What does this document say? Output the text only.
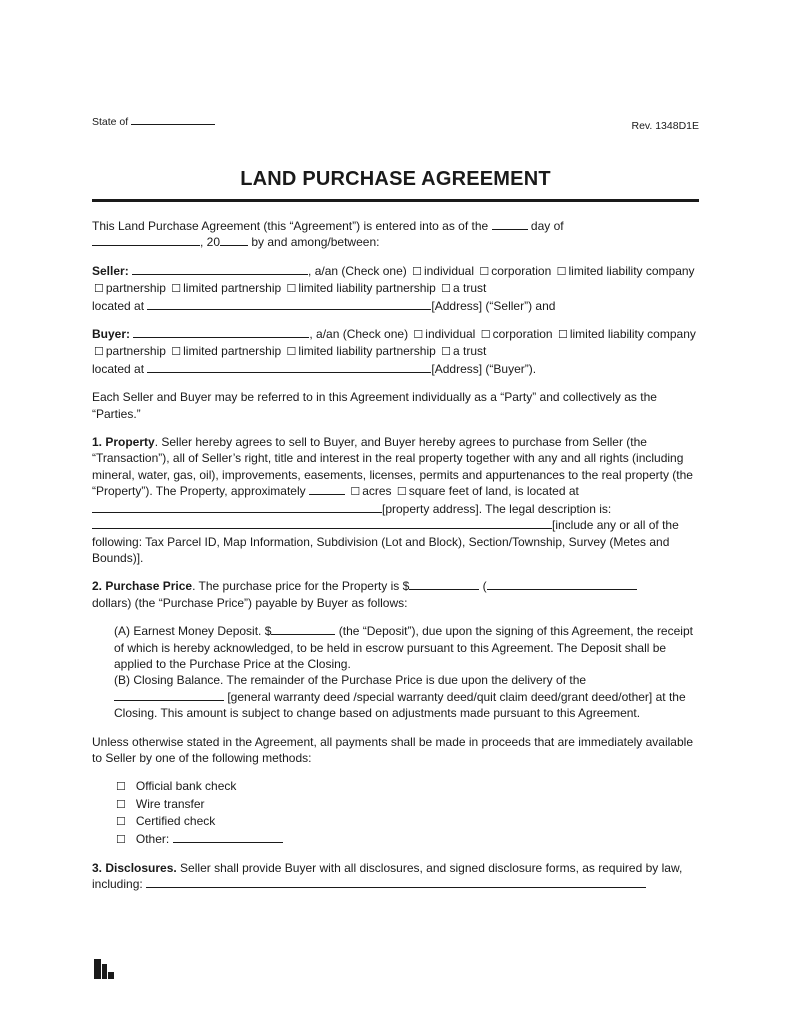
State of	Rev. 1348D1E
LAND PURCHASE AGREEMENT

This Land Purchase Agreement (this “Agreement”) is entered into as of the	day of
, 20	by and among/between:

Seller:	, a/an (Check one) ☐ individual ☐ corporation ☐ limited liability company ☐ partnership ☐ limited partnership ☐ limited liability partnership ☐ a trust
located at	[Address] (“Seller”) and

Buyer:	, a/an (Check one) ☐ individual ☐ corporation ☐ limited liability company ☐ partnership ☐ limited partnership ☐ limited liability partnership ☐ a trust
located at	[Address] (“Buyer”).

Each Seller and Buyer may be referred to in this Agreement individually as a “Party” and collectively as the “Parties.”

1. Property. Seller hereby agrees to sell to Buyer, and Buyer hereby agrees to purchase from Seller (the “Transaction”), all of Seller’s right, title and interest in the real property together with any and all rights (including mineral, water, gas, oil), improvements, easements, licenses, permits and appurtenances to the real property (the “Property”). The Property, approximately	☐ acres ☐ square feet of land, is located at [property address]. The legal description is:
[include any or all of the following: Tax Parcel ID, Map Information, Subdivision (Lot and Block), Section/Township, Survey (Metes and Bounds)].

2. Purchase Price. The purchase price for the Property is $	(
dollars) (the “Purchase Price”) payable by Buyer as follows:

(A) Earnest Money Deposit. $	(the “Deposit”), due upon the signing of this Agreement, the receipt of which is hereby acknowledged, to be held in escrow pursuant to this Agreement. The Deposit shall be applied to the Purchase Price at the Closing.

(B) Closing Balance. The remainder of the Purchase Price is due upon the delivery of the
[general warranty deed /special warranty deed/quit claim deed/grant deed/other] at the Closing. This amount is subject to change based on adjustments made pursuant to this Agreement.

Unless otherwise stated in the Agreement, all payments shall be made in proceeds that are immediately available to Seller by one of the following methods:

☐ Official bank check
☐ Wire transfer
☐ Certified check
☐ Other:

3. Disclosures. Seller shall provide Buyer with all disclosures, and signed disclosure forms, as required by law, including:
